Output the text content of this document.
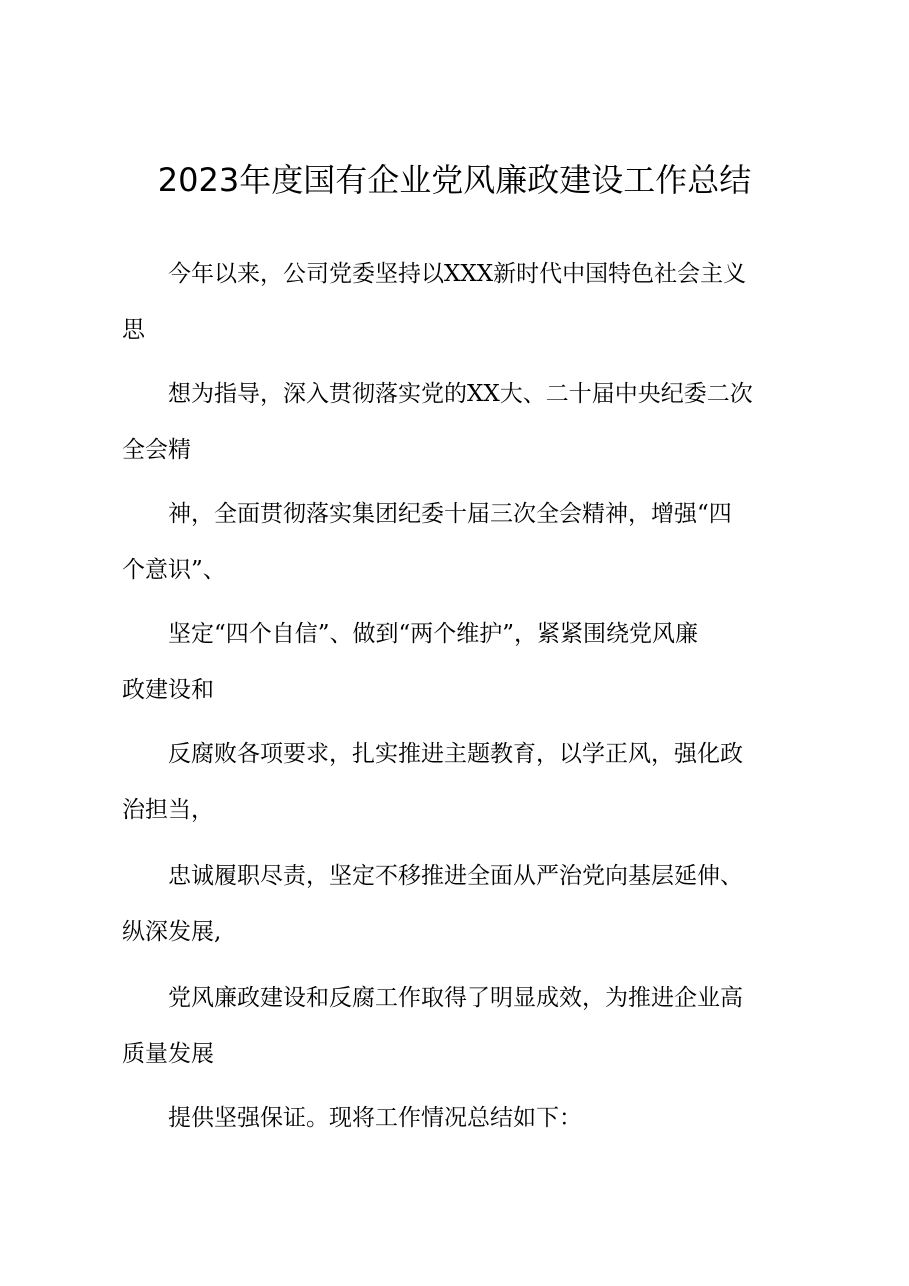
2023年度国有企业党风廉政建设工作总结
今年以来，公司党委坚持以XXX新时代中国特色社会主义
思
想为指导，深入贯彻落实党的XX大、二十届中央纪委二次
全会精
神，全面贯彻落实集团纪委十届三次全会精神，增强“四
个意识”、
坚定“四个自信”、做到“两个维护”，紧紧围绕党风廉
政建设和
反腐败各项要求，扎实推进主题教育，以学正风，强化政
治担当，
忠诚履职尽责，坚定不移推进全面从严治党向基层延伸、
纵深发展,
党风廉政建设和反腐工作取得了明显成效，为推进企业高
质量发展
提供坚强保证。现将工作情况总结如下：
